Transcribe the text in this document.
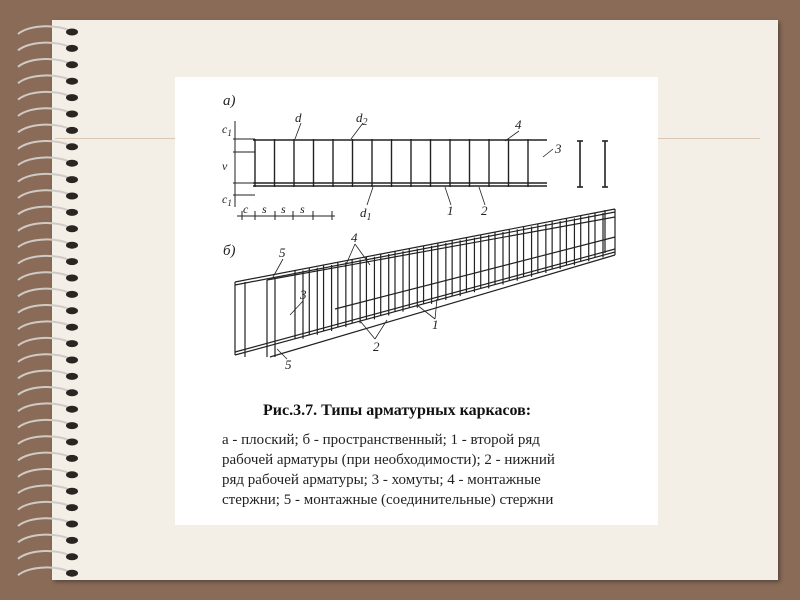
а)
$c_1$
v
$c_1$ c s s s
d	$d_2$
$d_1$
4
3
1 2
б)	5
4
3
5
2
1
Рис.3.7. Типы арматурных каркасов:
а - плоский; б - пространственный; 1 - второй ряд
рабочей арматуры (при необходимости); 2 - нижний
ряд рабочей арматуры; 3 - хомуты; 4 - монтажные
стержни; 5 - монтажные (соединительные) стержни
